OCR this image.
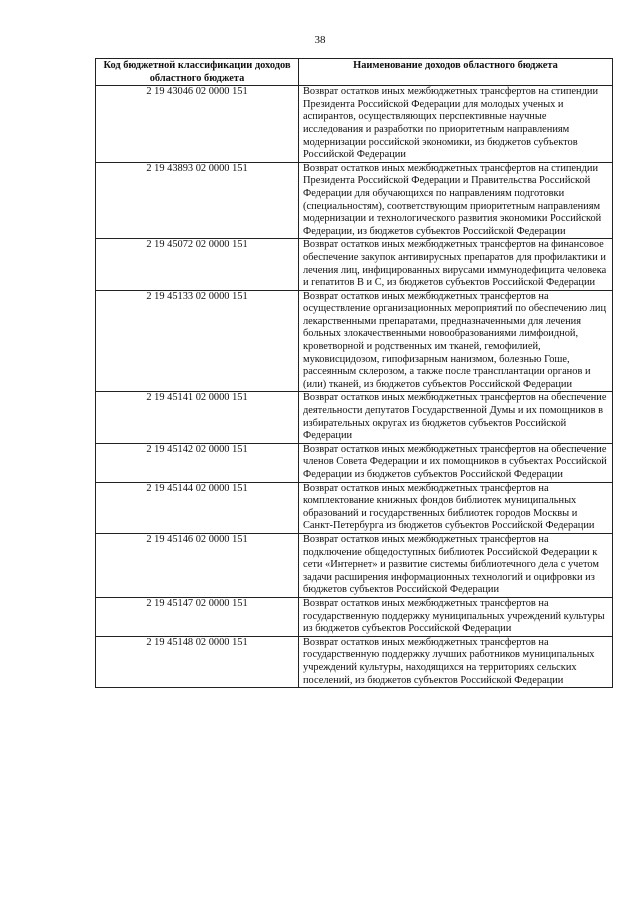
38
Код бюджетной классификации доходов областного бюджета	Наименование доходов областного бюджета
2 19 43046 02 0000 151	Возврат остатков иных межбюджетных трансфертов на стипендии Президента Российской Федерации для молодых ученых и аспирантов, осуществляющих перспективные научные исследования и разработки по приоритетным направлениям модернизации российской экономики, из бюджетов субъектов Российской Федерации
2 19 43893 02 0000 151	Возврат остатков иных межбюджетных трансфертов на стипендии Президента Российской Федерации и Правительства Российской Федерации для обучающихся по направлениям подготовки (специальностям), соответствующим приоритетным направлениям модернизации и технологического развития экономики Российской Федерации, из бюджетов субъектов Российской Федерации
2 19 45072 02 0000 151	Возврат остатков иных межбюджетных трансфертов на финансовое обеспечение закупок антивирусных препаратов для профилактики и лечения лиц, инфицированных вирусами иммунодефицита человека и гепатитов B и C, из бюджетов субъектов Российской Федерации
2 19 45133 02 0000 151	Возврат остатков иных межбюджетных трансфертов на осуществление организационных мероприятий по обеспечению лиц лекарственными препаратами, предназначенными для лечения больных злокачественными новообразованиями лимфоидной, кроветворной и родственных им тканей, гемофилией, муковисцидозом, гипофизарным нанизмом, болезнью Гоше, рассеянным склерозом, а также после трансплантации органов и (или) тканей, из бюджетов субъектов Российской Федерации
2 19 45141 02 0000 151	Возврат остатков иных межбюджетных трансфертов на обеспечение деятельности депутатов Государственной Думы и их помощников в избирательных округах из бюджетов субъектов Российской Федерации
2 19 45142 02 0000 151	Возврат остатков иных межбюджетных трансфертов на обеспечение членов Совета Федерации и их помощников в субъектах Российской Федерации из бюджетов субъектов Российской Федерации
2 19 45144 02 0000 151	Возврат остатков иных межбюджетных трансфертов на комплектование книжных фондов библиотек муниципальных образований и государственных библиотек городов Москвы и Санкт-Петербурга из бюджетов субъектов Российской Федерации
2 19 45146 02 0000 151	Возврат остатков иных межбюджетных трансфертов на подключение общедоступных библиотек Российской Федерации к сети «Интернет» и развитие системы библиотечного дела с учетом задачи расширения информационных технологий и оцифровки из бюджетов субъектов Российской Федерации
2 19 45147 02 0000 151	Возврат остатков иных межбюджетных трансфертов на государственную поддержку муниципальных учреждений культуры из бюджетов субъектов Российской Федерации
2 19 45148 02 0000 151	Возврат остатков иных межбюджетных трансфертов на государственную поддержку лучших работников муниципальных учреждений культуры, находящихся на территориях сельских поселений, из бюджетов субъектов Российской Федерации
